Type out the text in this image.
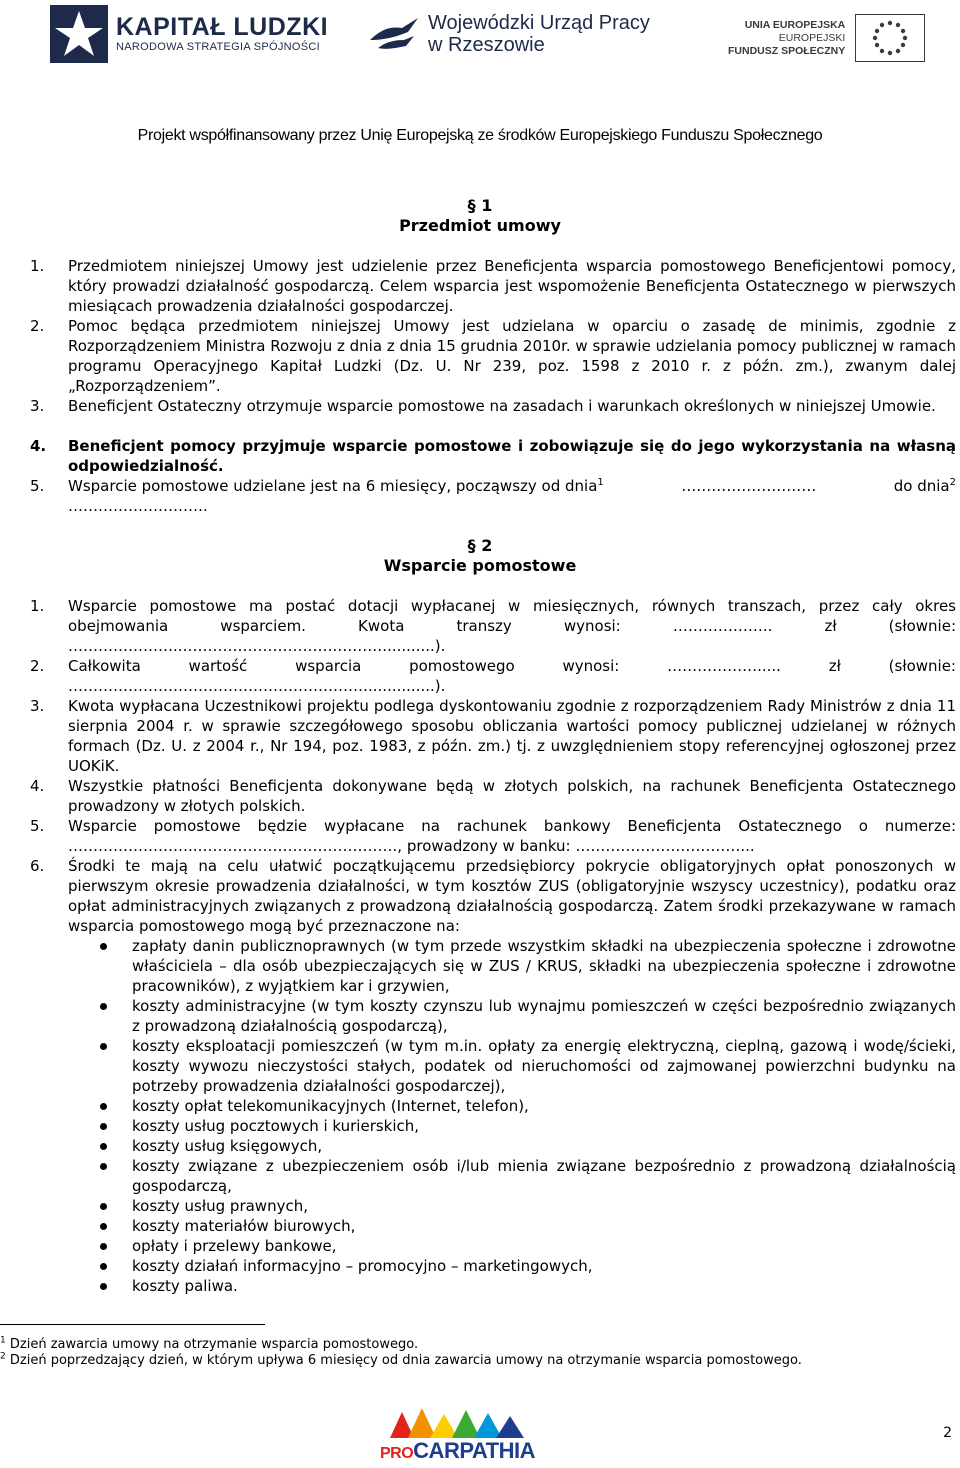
KAPITAŁ LUDZKI
NARODOWA STRATEGIA SPÓJNOŚCI
Wojewódzki Urząd Pracy
w Rzeszowie
UNIA EUROPEJSKA
EUROPEJSKI
FUNDUSZ SPOŁECZNY
Projekt współfinansowany przez Unię Europejską ze środków Europejskiego Funduszu Społecznego
§ 1
Przedmiot umowy
1. Przedmiotem niniejszej Umowy jest udzielenie przez Beneficjenta wsparcia pomostowego Beneficjentowi pomocy, który prowadzi działalność gospodarczą. Celem wsparcia jest wspomożenie Beneficjenta Ostatecznego w pierwszych miesiącach prowadzenia działalności gospodarczej.
2. Pomoc będąca przedmiotem niniejszej Umowy jest udzielana w oparciu o zasadę de minimis, zgodnie z Rozporządzeniem Ministra Rozwoju z dnia z dnia 15 grudnia 2010r. w sprawie udzielania pomocy publicznej w ramach programu Operacyjnego Kapitał Ludzki (Dz. U. Nr 239, poz. 1598 z 2010 r. z późn. zm.), zwanym dalej „Rozporządzeniem”.
3. Beneficjent Ostateczny otrzymuje wsparcie pomostowe na zasadach i warunkach określonych w niniejszej Umowie.
4. Beneficjent pomocy przyjmuje wsparcie pomostowe i zobowiązuje się do jego wykorzystania na własną odpowiedzialność.
5. Wsparcie pomostowe udzielane jest na 6 miesięcy, począwszy od dnia$^1$	………………………	do dnia$^2$
……………………….
§ 2
Wsparcie pomostowe
1. Wsparcie pomostowe ma postać dotacji wypłacanej w miesięcznych, równych transzach, przez cały okres obejmowania wsparciem. Kwota transzy wynosi: ……………….. zł (słownie:
…………………..………………………….………...........).
2. Całkowita wartość wsparcia pomostowego wynosi: ………………..... zł (słownie:
……………………………………………………..............).
3. Kwota wypłacana Uczestnikowi projektu podlega dyskontowaniu zgodnie z rozporządzeniem Rady Ministrów z dnia 11 sierpnia 2004 r. w sprawie szczegółowego sposobu obliczania wartości pomocy publicznej udzielanej w różnych formach (Dz. U. z 2004 r., Nr 194, poz. 1983, z późn. zm.) tj. z uwzględnieniem stopy referencyjnej ogłoszonej przez UOKiK.
4. Wszystkie płatności Beneficjenta dokonywane będą w złotych polskich, na rachunek Beneficjenta Ostatecznego prowadzony w złotych polskich.
5. Wsparcie pomostowe będzie wypłacane na rachunek bankowy Beneficjenta Ostatecznego o numerze:
……………………..…………………………………., prowadzony w banku: ……………………………...
6. Środki te mają na celu ułatwić początkującemu przedsiębiorcy pokrycie obligatoryjnych opłat ponoszonych w pierwszym okresie prowadzenia działalności, w tym kosztów ZUS (obligatoryjnie wszyscy uczestnicy), podatku oraz opłat administracyjnych związanych z prowadzoną działalnością gospodarczą. Zatem środki przekazywane w ramach wsparcia pomostowego mogą być przeznaczone na:
zapłaty danin publicznoprawnych (w tym przede wszystkim składki na ubezpieczenia społeczne i zdrowotne właściciela – dla osób ubezpieczających się w ZUS / KRUS, składki na ubezpieczenia społeczne i zdrowotne pracowników), z wyjątkiem kar i grzywien,
koszty administracyjne (w tym koszty czynszu lub wynajmu pomieszczeń w części bezpośrednio związanych z prowadzoną działalnością gospodarczą),
koszty eksploatacji pomieszczeń (w tym m.in. opłaty za energię elektryczną, cieplną, gazową i wodę/ścieki, koszty wywozu nieczystości stałych, podatek od nieruchomości od zajmowanej powierzchni budynku na potrzeby prowadzenia działalności gospodarczej),
koszty opłat telekomunikacyjnych (Internet, telefon),
koszty usług pocztowych i kurierskich,
koszty usług księgowych,
koszty związane z ubezpieczeniem osób i/lub mienia związane bezpośrednio z prowadzoną działalnością gospodarczą,
koszty usług prawnych,
koszty materiałów biurowych,
opłaty i przelewy bankowe,
koszty działań informacyjno – promocyjno – marketingowych,
koszty paliwa.
$^1$ Dzień zawarcia umowy na otrzymanie wsparcia pomostowego.
$^2$ Dzień poprzedzający dzień, w którym upływa 6 miesięcy od dnia zawarcia umowy na otrzymanie wsparcia pomostowego.
PROCARPATHIA
2
